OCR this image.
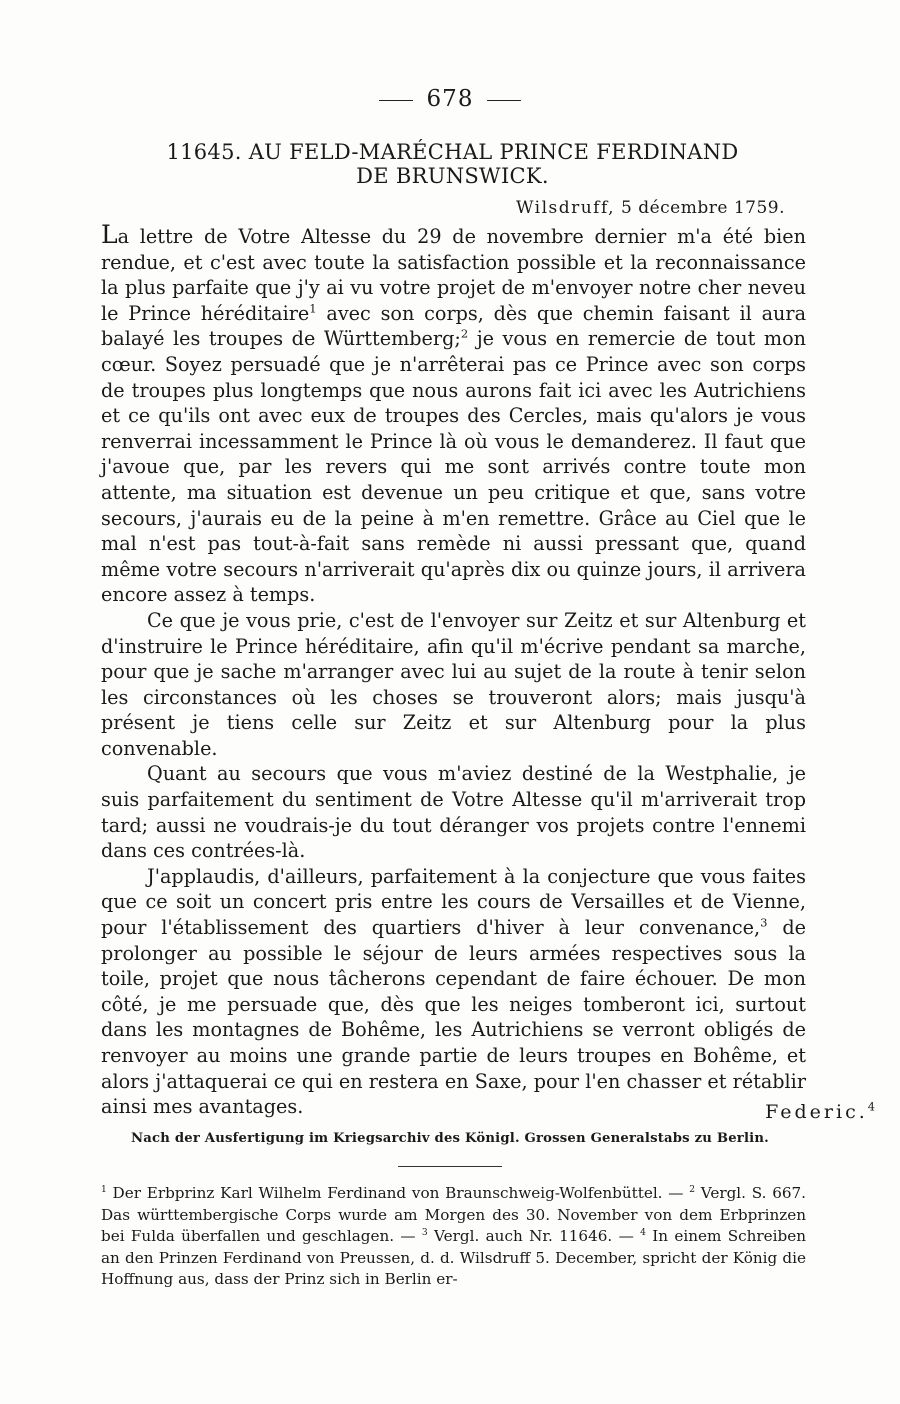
678
11645. AU FELD-MARÉCHAL PRINCE FERDINAND
DE BRUNSWICK.
Wilsdruff, 5 décembre 1759.

La lettre de Votre Altesse du 29 de novembre dernier m'a été bien rendue, et c'est avec toute la satisfaction possible et la reconnaissance la plus parfaite que j'y ai vu votre projet de m'envoyer notre cher neveu le Prince héréditaire$^1$ avec son corps, dès que chemin faisant il aura balayé les troupes de Württemberg;$^2$ je vous en remercie de tout mon cœur. Soyez persuadé que je n'arrêterai pas ce Prince avec son corps de troupes plus longtemps que nous aurons fait ici avec les Autrichiens et ce qu'ils ont avec eux de troupes des Cercles, mais qu'alors je vous renverrai incessamment le Prince là où vous le demanderez. Il faut que j'avoue que, par les revers qui me sont arrivés contre toute mon attente, ma situation est devenue un peu critique et que, sans votre secours, j'aurais eu de la peine à m'en remettre. Grâce au Ciel que le mal n'est pas tout-à-fait sans remède ni aussi pressant que, quand même votre secours n'arriverait qu'après dix ou quinze jours, il arrivera encore assez à temps.

Ce que je vous prie, c'est de l'envoyer sur Zeitz et sur Altenburg et d'instruire le Prince héréditaire, afin qu'il m'écrive pendant sa marche, pour que je sache m'arranger avec lui au sujet de la route à tenir selon les circonstances où les choses se trouveront alors; mais jusqu'à présent je tiens celle sur Zeitz et sur Altenburg pour la plus convenable.

Quant au secours que vous m'aviez destiné de la Westphalie, je suis parfaitement du sentiment de Votre Altesse qu'il m'arriverait trop tard; aussi ne voudrais-je du tout déranger vos projets contre l'ennemi dans ces contrées-là.

J'applaudis, d'ailleurs, parfaitement à la conjecture que vous faites que ce soit un concert pris entre les cours de Versailles et de Vienne, pour l'établissement des quartiers d'hiver à leur convenance,$^3$ de prolonger au possible le séjour de leurs armées respectives sous la toile, projet que nous tâcherons cependant de faire échouer. De mon côté, je me persuade que, dès que les neiges tomberont ici, surtout dans les montagnes de Bohême, les Autrichiens se verront obligés de renvoyer au moins une grande partie de leurs troupes en Bohême, et alors j'attaquerai ce qui en restera en Saxe, pour l'en chasser et rétablir ainsi mes avantages.	Federic.$^4$
Nach der Ausfertigung im Kriegsarchiv des Königl. Grossen Generalstabs zu Berlin.

$^1$ Der Erbprinz Karl Wilhelm Ferdinand von Braunschweig-Wolfenbüttel. — $^2$ Vergl. S. 667. Das württembergische Corps wurde am Morgen des 30. November von dem Erbprinzen bei Fulda überfallen und geschlagen. — $^3$ Vergl. auch Nr. 11646. — $^4$ In einem Schreiben an den Prinzen Ferdinand von Preussen, d. d. Wilsdruff 5. December, spricht der König die Hoffnung aus, dass der Prinz sich in Berlin er-
